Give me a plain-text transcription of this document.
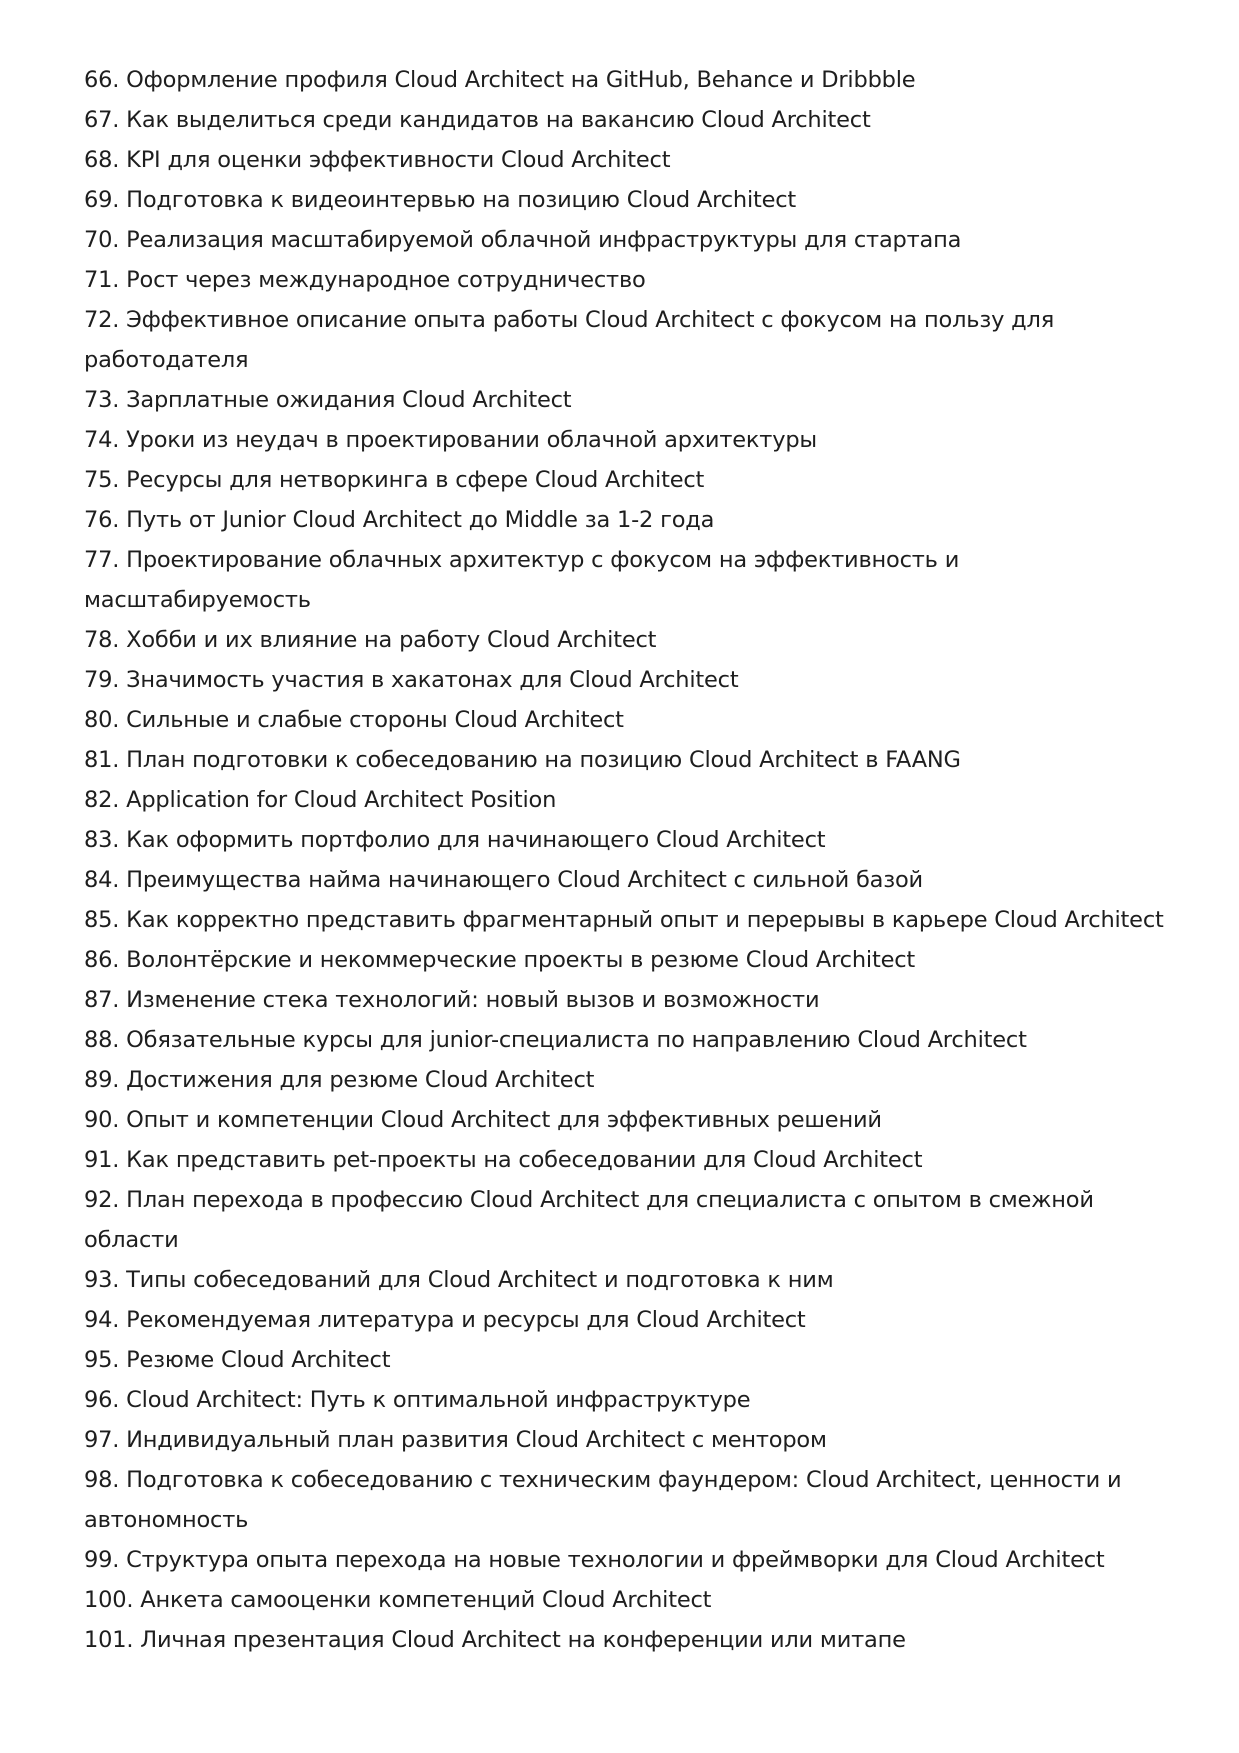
66. Оформление профиля Cloud Architect на GitHub, Behance и Dribbble

67. Как выделиться среди кандидатов на вакансию Cloud Architect

68. KPI для оценки эффективности Cloud Architect

69. Подготовка к видеоинтервью на позицию Cloud Architect

70. Реализация масштабируемой облачной инфраструктуры для стартапа

71. Рост через международное сотрудничество

72. Эффективное описание опыта работы Cloud Architect с фокусом на пользу для работодателя

73. Зарплатные ожидания Cloud Architect

74. Уроки из неудач в проектировании облачной архитектуры

75. Ресурсы для нетворкинга в сфере Cloud Architect

76. Путь от Junior Cloud Architect до Middle за 1-2 года

77. Проектирование облачных архитектур с фокусом на эффективность и масштабируемость

78. Хобби и их влияние на работу Cloud Architect

79. Значимость участия в хакатонах для Cloud Architect

80. Сильные и слабые стороны Cloud Architect

81. План подготовки к собеседованию на позицию Cloud Architect в FAANG

82. Application for Cloud Architect Position

83. Как оформить портфолио для начинающего Cloud Architect

84. Преимущества найма начинающего Cloud Architect с сильной базой

85. Как корректно представить фрагментарный опыт и перерывы в карьере Cloud Architect

86. Волонтёрские и некоммерческие проекты в резюме Cloud Architect

87. Изменение стека технологий: новый вызов и возможности

88. Обязательные курсы для junior-специалиста по направлению Cloud Architect

89. Достижения для резюме Cloud Architect

90. Опыт и компетенции Cloud Architect для эффективных решений

91. Как представить pet-проекты на собеседовании для Cloud Architect

92. План перехода в профессию Cloud Architect для специалиста с опытом в смежной области

93. Типы собеседований для Cloud Architect и подготовка к ним

94. Рекомендуемая литература и ресурсы для Cloud Architect

95. Резюме Cloud Architect

96. Cloud Architect: Путь к оптимальной инфраструктуре

97. Индивидуальный план развития Cloud Architect с ментором

98. Подготовка к собеседованию с техническим фаундером: Cloud Architect, ценности и автономность

99. Структура опыта перехода на новые технологии и фреймворки для Cloud Architect

100. Анкета самооценки компетенций Cloud Architect

101. Личная презентация Cloud Architect на конференции или митапе
